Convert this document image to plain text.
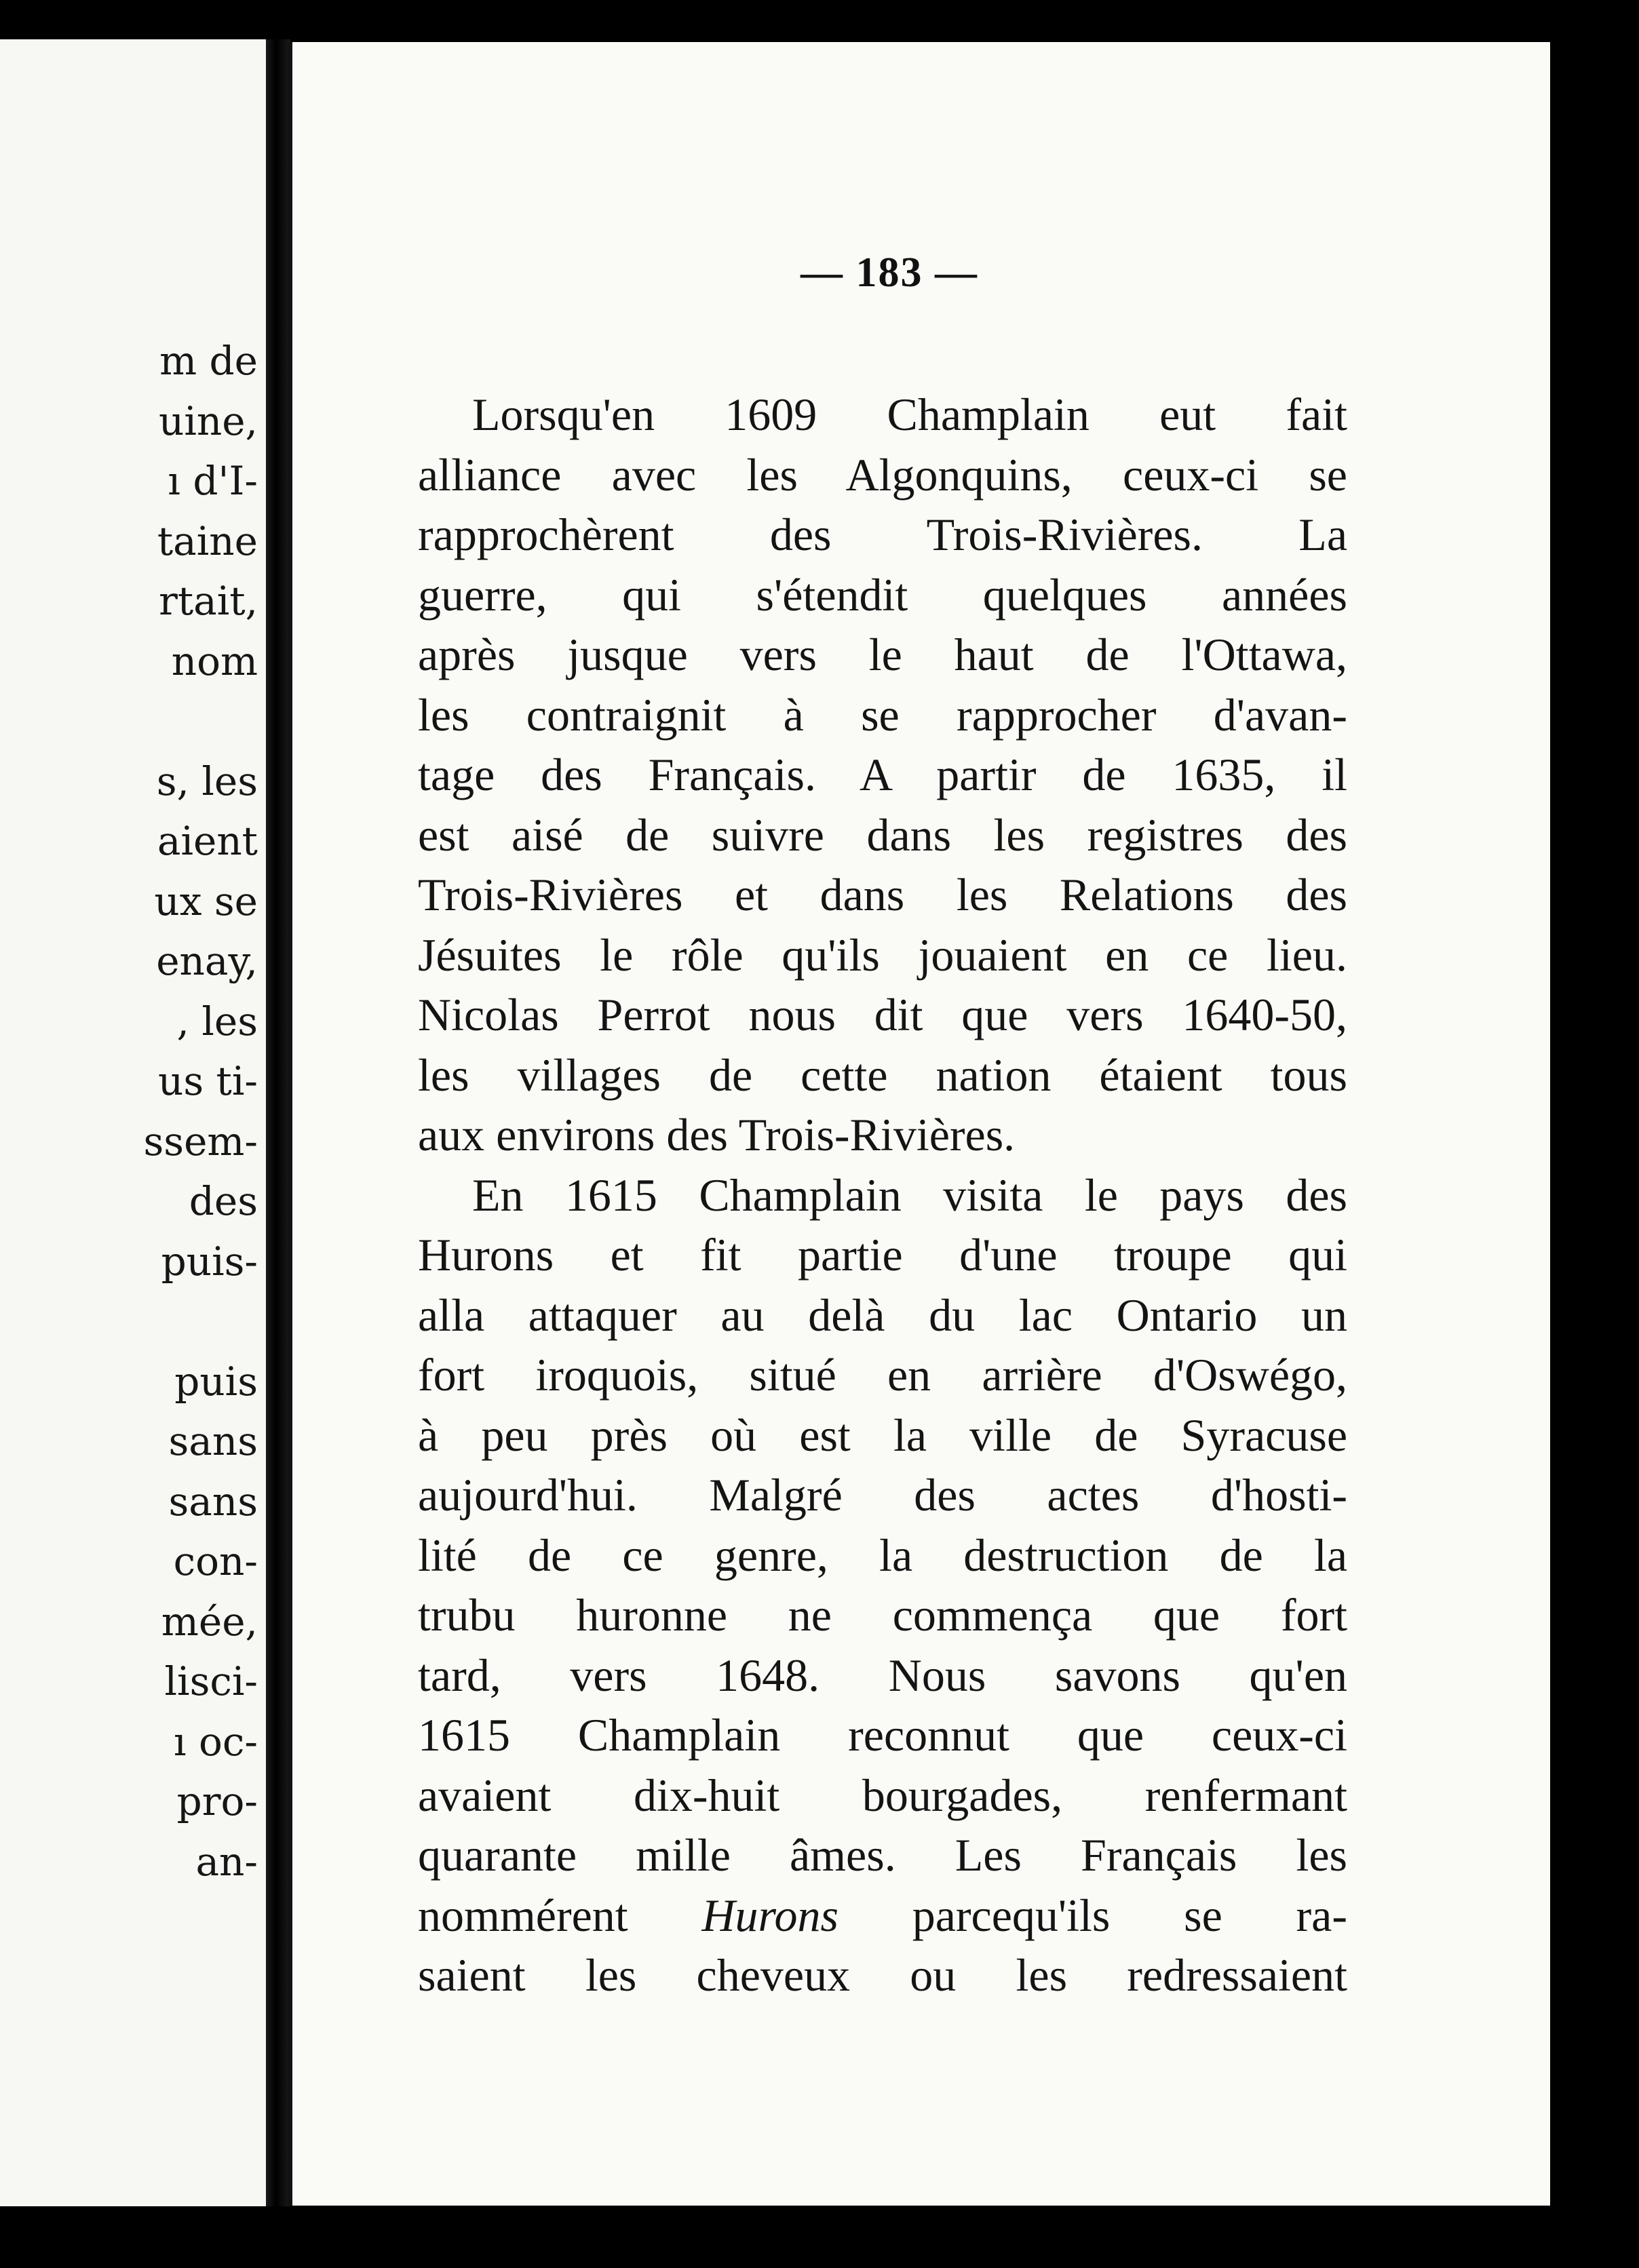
m de
uine,
ı d'I-
taine
rtait,
nom
s, les
aient
ux se
enay,
, les
us ti-
ssem-
des
puis-
puis
sans
sans
con-
mée,
lisci-
ı oc-
pro-
an-
— 183 —
Lorsqu'en 1609 Champlain eut fait
alliance avec les Algonquins, ceux-ci se
rapprochèrent des Trois-Rivières. La
guerre, qui s'étendit quelques années
après jusque vers le haut de l'Ottawa,
les contraignit à se rapprocher d'avan-
tage des Français. A partir de 1635, il
est aisé de suivre dans les registres des
Trois-Rivières et dans les Relations des
Jésuites le rôle qu'ils jouaient en ce lieu.
Nicolas Perrot nous dit que vers 1640-50,
les villages de cette nation étaient tous
aux environs des Trois-Rivières.
En 1615 Champlain visita le pays des
Hurons et fit partie d'une troupe qui
alla attaquer au delà du lac Ontario un
fort iroquois, situé en arrière d'Oswégo,
à peu près où est la ville de Syracuse
aujourd'hui. Malgré des actes d'hosti-
lité de ce genre, la destruction de la
trubu huronne ne commença que fort
tard, vers 1648. Nous savons qu'en
1615 Champlain reconnut que ceux-ci
avaient dix-huit bourgades, renfermant
quarante mille âmes. Les Français les
nommérent Hurons parcequ'ils se ra-
saient les cheveux ou les redressaient
